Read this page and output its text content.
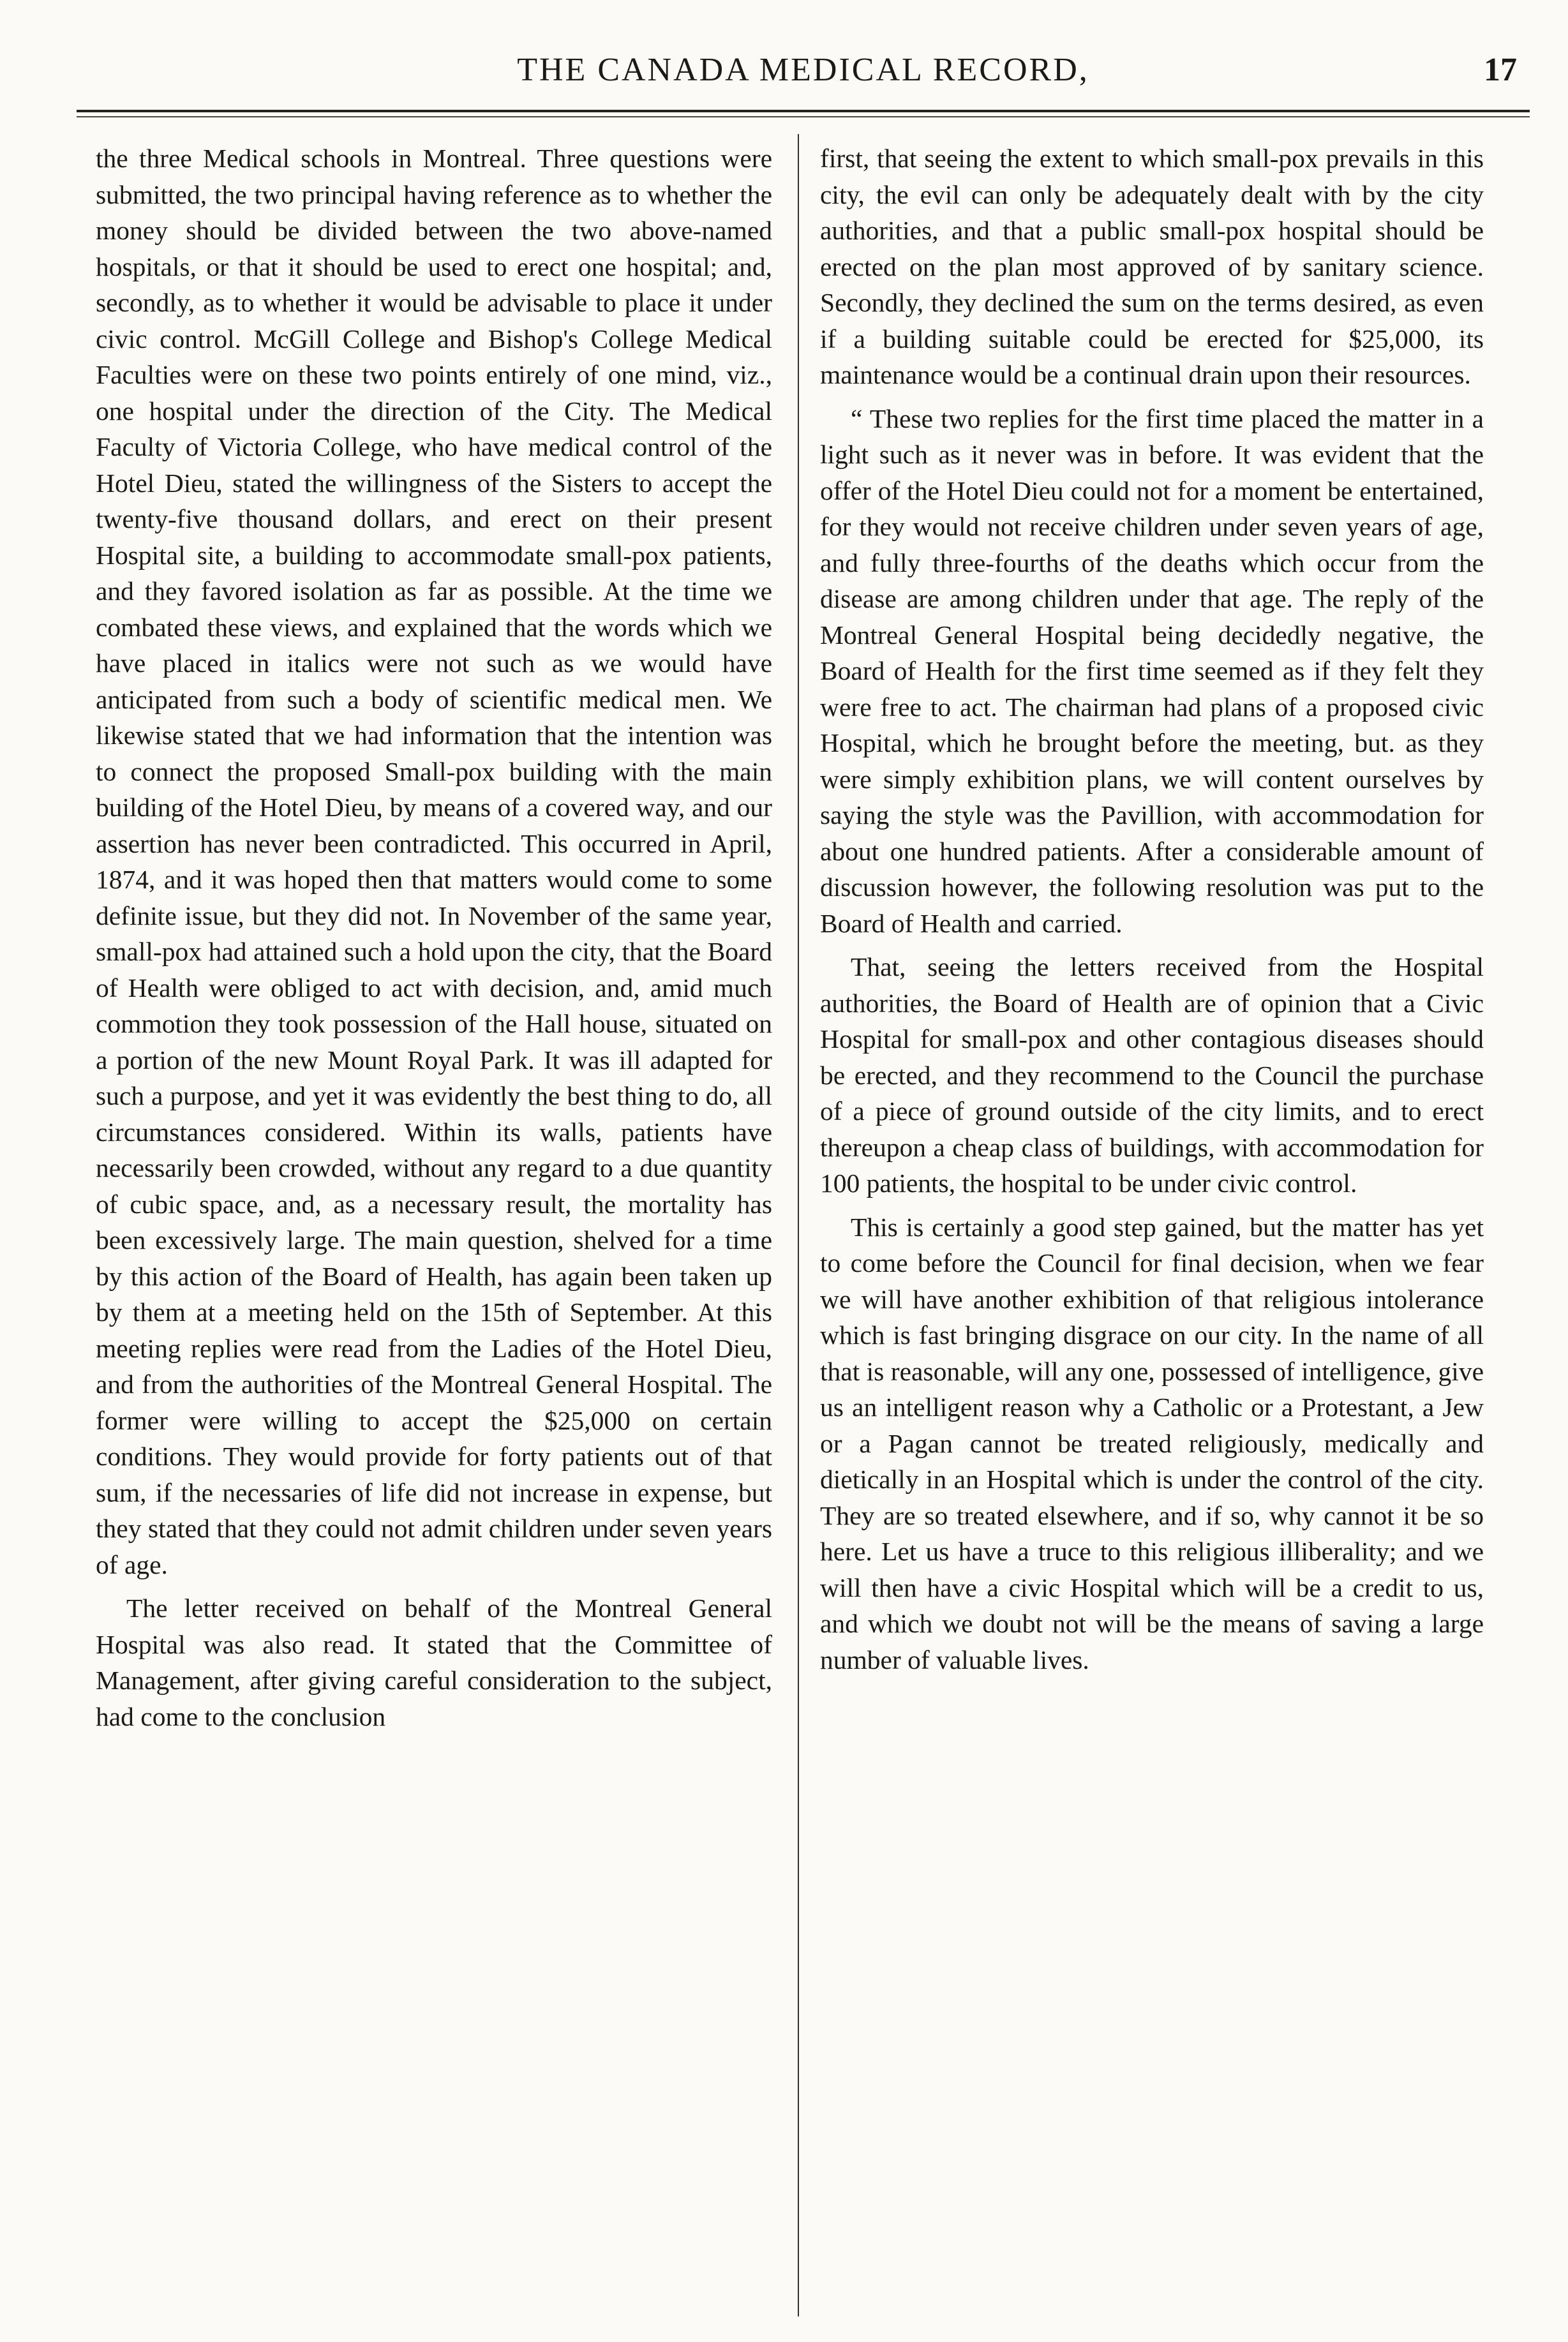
THE CANADA MEDICAL RECORD,	17

the three Medical schools in Montreal. Three questions were submitted, the two principal having reference as to whether the money should be divided between the two above-named hospitals, or that it should be used to erect one hospital; and, secondly, as to whether it would be advisable to place it under civic control. McGill College and Bishop's College Medical Faculties were on these two points entirely of one mind, viz., one hospital under the direction of the City. The Medical Faculty of Victoria College, who have medical control of the Hotel Dieu, stated the willingness of the Sisters to accept the twenty-five thousand dollars, and erect on their present Hospital site, a building to accommodate small-pox patients, and they favored isolation as far as possible. At the time we combated these views, and explained that the words which we have placed in italics were not such as we would have anticipated from such a body of scientific medical men. We likewise stated that we had information that the intention was to connect the proposed Small-pox building with the main building of the Hotel Dieu, by means of a covered way, and our assertion has never been contradicted. This occurred in April, 1874, and it was hoped then that matters would come to some definite issue, but they did not. In November of the same year, small-pox had attained such a hold upon the city, that the Board of Health were obliged to act with decision, and, amid much commotion they took possession of the Hall house, situated on a portion of the new Mount Royal Park. It was ill adapted for such a purpose, and yet it was evidently the best thing to do, all circumstances considered. Within its walls, patients have necessarily been crowded, without any regard to a due quantity of cubic space, and, as a necessary result, the mortality has been excessively large. The main question, shelved for a time by this action of the Board of Health, has again been taken up by them at a meeting held on the 15th of September. At this meeting replies were read from the Ladies of the Hotel Dieu, and from the authorities of the Montreal General Hospital. The former were willing to accept the $25,000 on certain conditions. They would provide for forty patients out of that sum, if the necessaries of life did not increase in expense, but they stated that they could not admit children under seven years of age.

The letter received on behalf of the Montreal General Hospital was also read. It stated that the Committee of Management, after giving careful consideration to the subject, had come to the conclusion

first, that seeing the extent to which small-pox prevails in this city, the evil can only be adequately dealt with by the city authorities, and that a public small-pox hospital should be erected on the plan most approved of by sanitary science. Secondly, they declined the sum on the terms desired, as even if a building suitable could be erected for $25,000, its maintenance would be a continual drain upon their resources.

“ These two replies for the first time placed the matter in a light such as it never was in before. It was evident that the offer of the Hotel Dieu could not for a moment be entertained, for they would not receive children under seven years of age, and fully three-fourths of the deaths which occur from the disease are among children under that age. The reply of the Montreal General Hospital being decidedly negative, the Board of Health for the first time seemed as if they felt they were free to act. The chairman had plans of a proposed civic Hospital, which he brought before the meeting, but. as they were simply exhibition plans, we will content ourselves by saying the style was the Pavillion, with accommodation for about one hundred patients. After a considerable amount of discussion however, the following resolution was put to the Board of Health and carried.

That, seeing the letters received from the Hospital authorities, the Board of Health are of opinion that a Civic Hospital for small-pox and other contagious diseases should be erected, and they recommend to the Council the purchase of a piece of ground outside of the city limits, and to erect thereupon a cheap class of buildings, with accommodation for 100 patients, the hospital to be under civic control.

This is certainly a good step gained, but the matter has yet to come before the Council for final decision, when we fear we will have another exhibition of that religious intolerance which is fast bringing disgrace on our city. In the name of all that is reasonable, will any one, possessed of intelligence, give us an intelligent reason why a Catholic or a Protestant, a Jew or a Pagan cannot be treated religiously, medically and dietically in an Hospital which is under the control of the city. They are so treated elsewhere, and if so, why cannot it be so here. Let us have a truce to this religious illiberality; and we will then have a civic Hospital which will be a credit to us, and which we doubt not will be the means of saving a large number of valuable lives.
